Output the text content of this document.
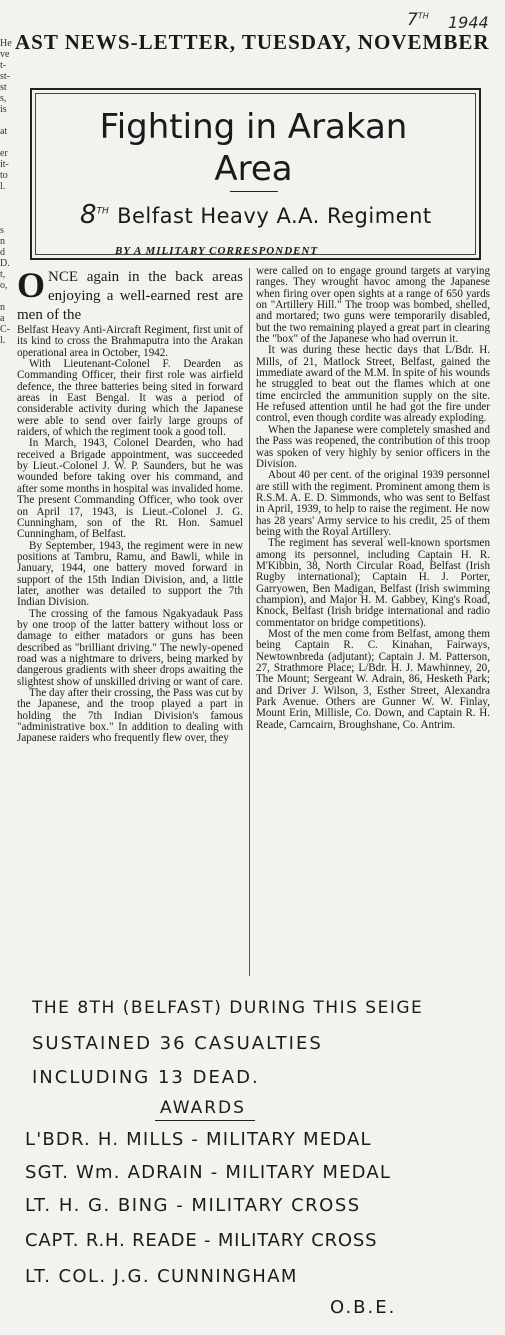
He
ve
t-
st-
st
s,
is
at
er
it-
to
l.
s
n
d
D.
t,
o,
n
a
C-
l.
AST NEWS-LETTER, TUESDAY, NOVEMBER
7TH 1944
Fighting in Arakan
Area
8TH Belfast Heavy A.A. Regiment
BY A MILITARY CORRESPONDENT

ONCE again in the back areas enjoying a well-earned rest are men of the

Belfast Heavy Anti-Aircraft Regiment, first unit of its kind to cross the Brahmaputra into the Arakan operational area in October, 1942.

With Lieutenant-Colonel F. Dearden as Commanding Officer, their first role was airfield defence, the three batteries being sited in forward areas in East Bengal. It was a period of considerable activity during which the Japanese were able to send over fairly large groups of raiders, of which the regiment took a good toll.

In March, 1943, Colonel Dearden, who had received a Brigade appointment, was succeeded by Lieut.-Colonel J. W. P. Saunders, but he was wounded before taking over his command, and after some months in hospital was invalided home. The present Commanding Officer, who took over on April 17, 1943, is Lieut.-Colonel J. G. Cunningham, son of the Rt. Hon. Samuel Cunningham, of Belfast.

By September, 1943, the regiment were in new positions at Tambru, Ramu, and Bawli, while in January, 1944, one battery moved forward in support of the 15th Indian Division, and, a little later, another was detailed to support the 7th Indian Division.

The crossing of the famous Ngakyadauk Pass by one troop of the latter battery without loss or damage to either matadors or guns has been described as "brilliant driving." The newly-opened road was a nightmare to drivers, being marked by dangerous gradients with sheer drops awaiting the slightest show of unskilled driving or want of care.

The day after their crossing, the Pass was cut by the Japanese, and the troop played a part in holding the 7th Indian Division's famous "administrative box." In addition to dealing with Japanese raiders who frequently flew over, they

were called on to engage ground targets at varying ranges. They wrought havoc among the Japanese when firing over open sights at a range of 650 yards on "Artillery Hill." The troop was bombed, shelled, and mortared; two guns were temporarily disabled, but the two remaining played a great part in clearing the "box" of the Japanese who had overrun it.

It was during these hectic days that L/Bdr. H. Mills, of 21, Matlock Street, Belfast, gained the immediate award of the M.M. In spite of his wounds he struggled to beat out the flames which at one time encircled the ammunition supply on the site. He refused attention until he had got the fire under control, even though cordite was already exploding.

When the Japanese were completely smashed and the Pass was reopened, the contribution of this troop was spoken of very highly by senior officers in the Division.

About 40 per cent. of the original 1939 personnel are still with the regiment. Prominent among them is R.S.M. A. E. D. Simmonds, who was sent to Belfast in April, 1939, to help to raise the regiment. He now has 28 years' Army service to his credit, 25 of them being with the Royal Artillery.

The regiment has several well-known sportsmen among its personnel, including Captain H. R. M'Kibbin, 38, North Circular Road, Belfast (Irish Rugby international); Captain H. J. Porter, Garryowen, Ben Madigan, Belfast (Irish swimming champion), and Major H. M. Gabbey, King's Road, Knock, Belfast (Irish bridge international and radio commentator on bridge competitions).

Most of the men come from Belfast, among them being Captain R. C. Kinahan, Fairways, Newtownbreda (adjutant); Captain J. M. Patterson, 27, Strathmore Place; L/Bdr. H. J. Mawhinney, 20, The Mount; Sergeant W. Adrain, 86, Hesketh Park; and Driver J. Wilson, 3, Esther Street, Alexandra Park Avenue. Others are Gunner W. W. Finlay, Mount Erin, Millisle, Co. Down, and Captain R. H. Reade, Carncairn, Broughshane, Co. Antrim.

THE 8TH (BELFAST) DURING THIS SEIGE
SUSTAINED 36 CASUALTIES
INCLUDING 13 DEAD.
AWARDS
L'BDR. H. MILLS - MILITARY MEDAL
SGT. Wm. ADRAIN - MILITARY MEDAL
LT. H. G. BING - MILITARY CROSS
CAPT. R.H. READE - MILITARY CROSS
LT. COL. J.G. CUNNINGHAM
O.B.E.
